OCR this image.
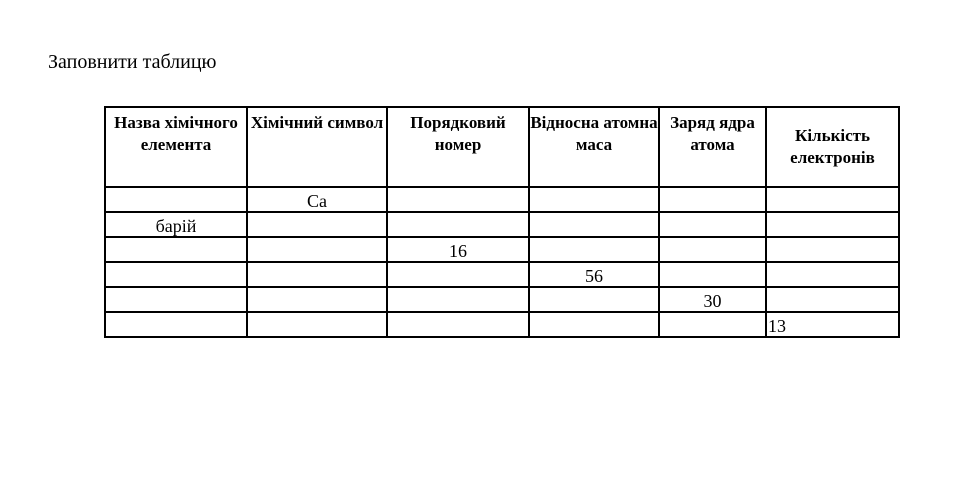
Заповнити таблицю
Назва хімічного елемента	Хімічний символ	Порядковий номер	Відносна атомна маса	Заряд ядра атома	Кількість електронів
	Ca				
барій					
		16			
			56		
				30	
					13
